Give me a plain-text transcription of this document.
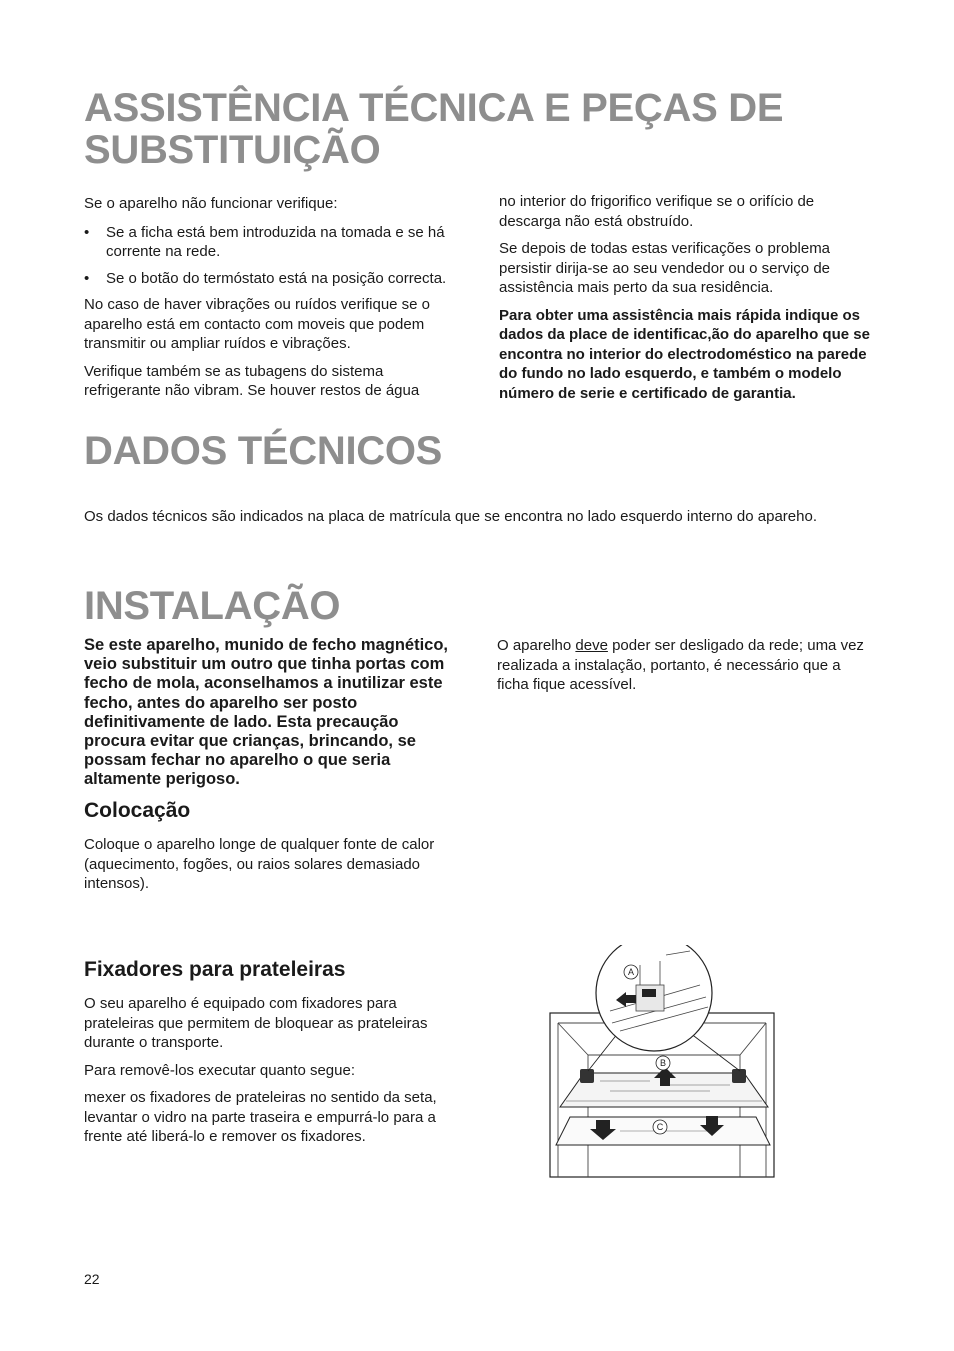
ASSISTÊNCIA TÉCNICA E PEÇAS DE
SUBSTITUIÇÃO

Se o aparelho não funcionar verifique:

• Se a ficha está bem introduzida na tomada e se há corrente na rede.
• Se o botão do termóstato está na posição correcta.

No caso de haver vibrações ou ruídos verifique se o aparelho está em contacto com moveis que podem transmitir ou ampliar ruídos e vibrações.

Verifique também se as tubagens do sistema refrigerante não vibram. Se houver restos de água

no interior do frigorifico verifique se o orifício de descarga não está obstruído.

Se depois de todas estas verificações o problema persistir dirija-se ao seu vendedor ou o serviço de assistência mais perto da sua residência.

Para obter uma assistência mais rápida indique os dados da place de identificac,ão do aparelho que se encontra no interior do electrodoméstico na parede do fundo no lado esquerdo, e também o modelo número de serie e certificado de garantia.

DADOS TÉCNICOS

Os dados técnicos são indicados na placa de matrícula que se encontra no lado esquerdo interno do apareho.

INSTALAÇÃO

Se este aparelho, munido de fecho magnético, veio substituir um outro que tinha portas com fecho de mola, aconselhamos a inutilizar este fecho, antes do aparelho ser posto definitivamente de lado. Esta precaução procura evitar que crianças, brincando, se possam fechar no aparelho o que seria altamente perigoso.

O aparelho deve poder ser desligado da rede; uma vez realizada a instalação, portanto, é necessário que a ficha fique acessível.

Colocação

Coloque o aparelho longe de qualquer fonte de calor (aquecimento, fogões, ou raios solares demasiado intensos).

Fixadores para prateleiras

O seu aparelho é equipado com fixadores para prateleiras que permitem de bloquear as prateleiras durante o transporte.

Para removê-los executar quanto segue:

mexer os fixadores de prateleiras no sentido da seta, levantar o vidro na parte traseira e empurrá-lo para a frente até liberá-lo e remover os fixadores.

A
B
C
22
